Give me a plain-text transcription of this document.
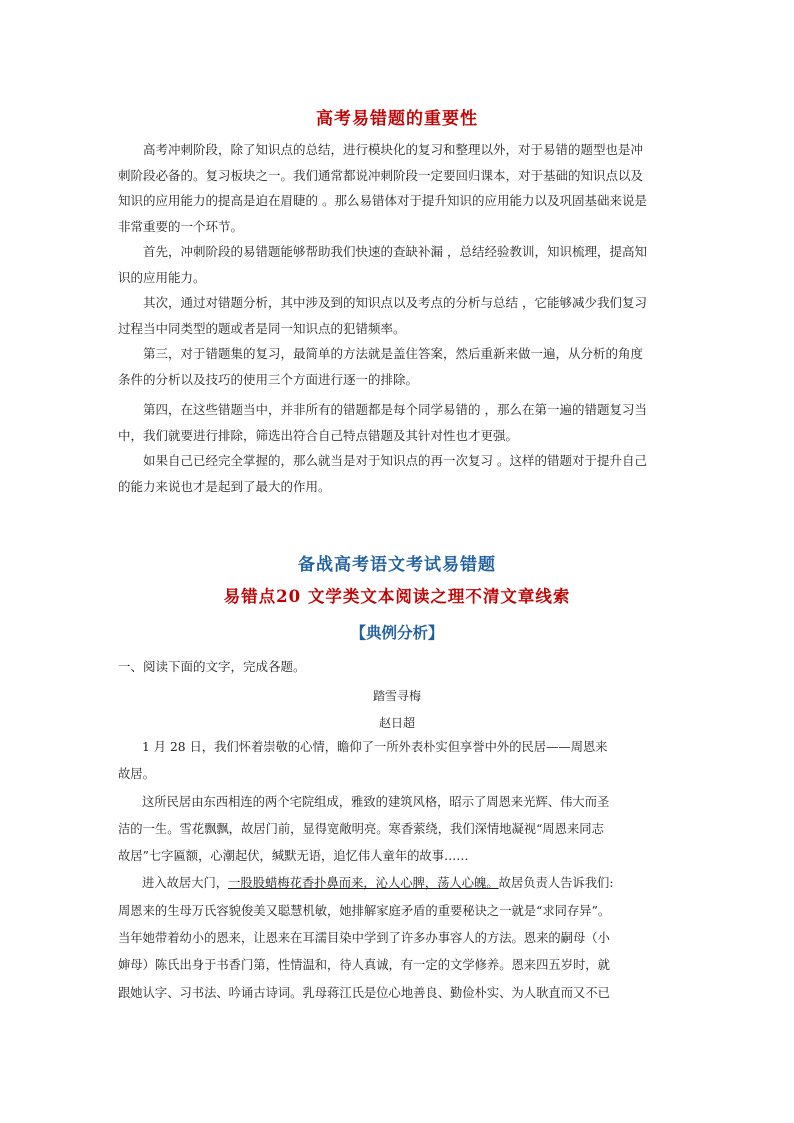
高考易错题的重要性
高考冲刺阶段，除了知识点的总结，进行模块化的复习和整理以外，对于易错的题型也是冲
刺阶段必备的。复习板块之一。我们通常都说冲刺阶段一定要回归课本，对于基础的知识点以及
知识的应用能力的提高是迫在眉睫的 。那么易错体对于提升知识的应用能力以及巩固基础来说是
非常重要的一个环节。
首先，冲刺阶段的易错题能够帮助我们快速的查缺补漏 ，总结经验教训，知识梳理，提高知
识的应用能力。
其次，通过对错题分析，其中涉及到的知识点以及考点的分析与总结 ，它能够减少我们复习
过程当中同类型的题或者是同一知识点的犯错频率。
第三，对于错题集的复习，最简单的方法就是盖住答案，然后重新来做一遍，从分析的角度
条件的分析以及技巧的使用三个方面进行逐一的排除。
第四，在这些错题当中，并非所有的错题都是每个同学易错的 ，那么在第一遍的错题复习当
中，我们就要进行排除，筛选出符合自己特点错题及其针对性也才更强。
如果自己已经完全掌握的，那么就当是对于知识点的再一次复习 。这样的错题对于提升自己
的能力来说也才是起到了最大的作用。
备战高考语文考试易错题
易错点20 文学类文本阅读之理不清文章线索
【典例分析】
一、阅读下面的文字，完成各题。
踏雪寻梅
赵日超
1 月 28 日，我们怀着崇敬的心情，瞻仰了一所外表朴实但享誉中外的民居——周恩来
故居。
这所民居由东西相连的两个宅院组成，雅致的建筑风格，昭示了周恩来光辉、伟大而圣
洁的一生。雪花飘飘，故居门前，显得宽敞明亮。寒香萦绕，我们深情地凝视“周恩来同志
故居”七字匾额，心潮起伏，缄默无语，追忆伟人童年的故事……
进入故居大门，一股股蜡梅花香扑鼻而来，沁人心脾，荡人心魄。故居负责人告诉我们:
周恩来的生母万氏容貌俊美又聪慧机敏，她排解家庭矛盾的重要秘诀之一就是“求同存异”。
当年她带着幼小的恩来，让恩来在耳濡目染中学到了许多办事容人的方法。恩来的嗣母（小
婶母）陈氏出身于书香门第，性情温和，待人真诚，有一定的文学修养。恩来四五岁时，就
跟她认字、习书法、吟诵古诗词。乳母蒋江氏是位心地善良、勤俭朴实、为人耿直而又不已
